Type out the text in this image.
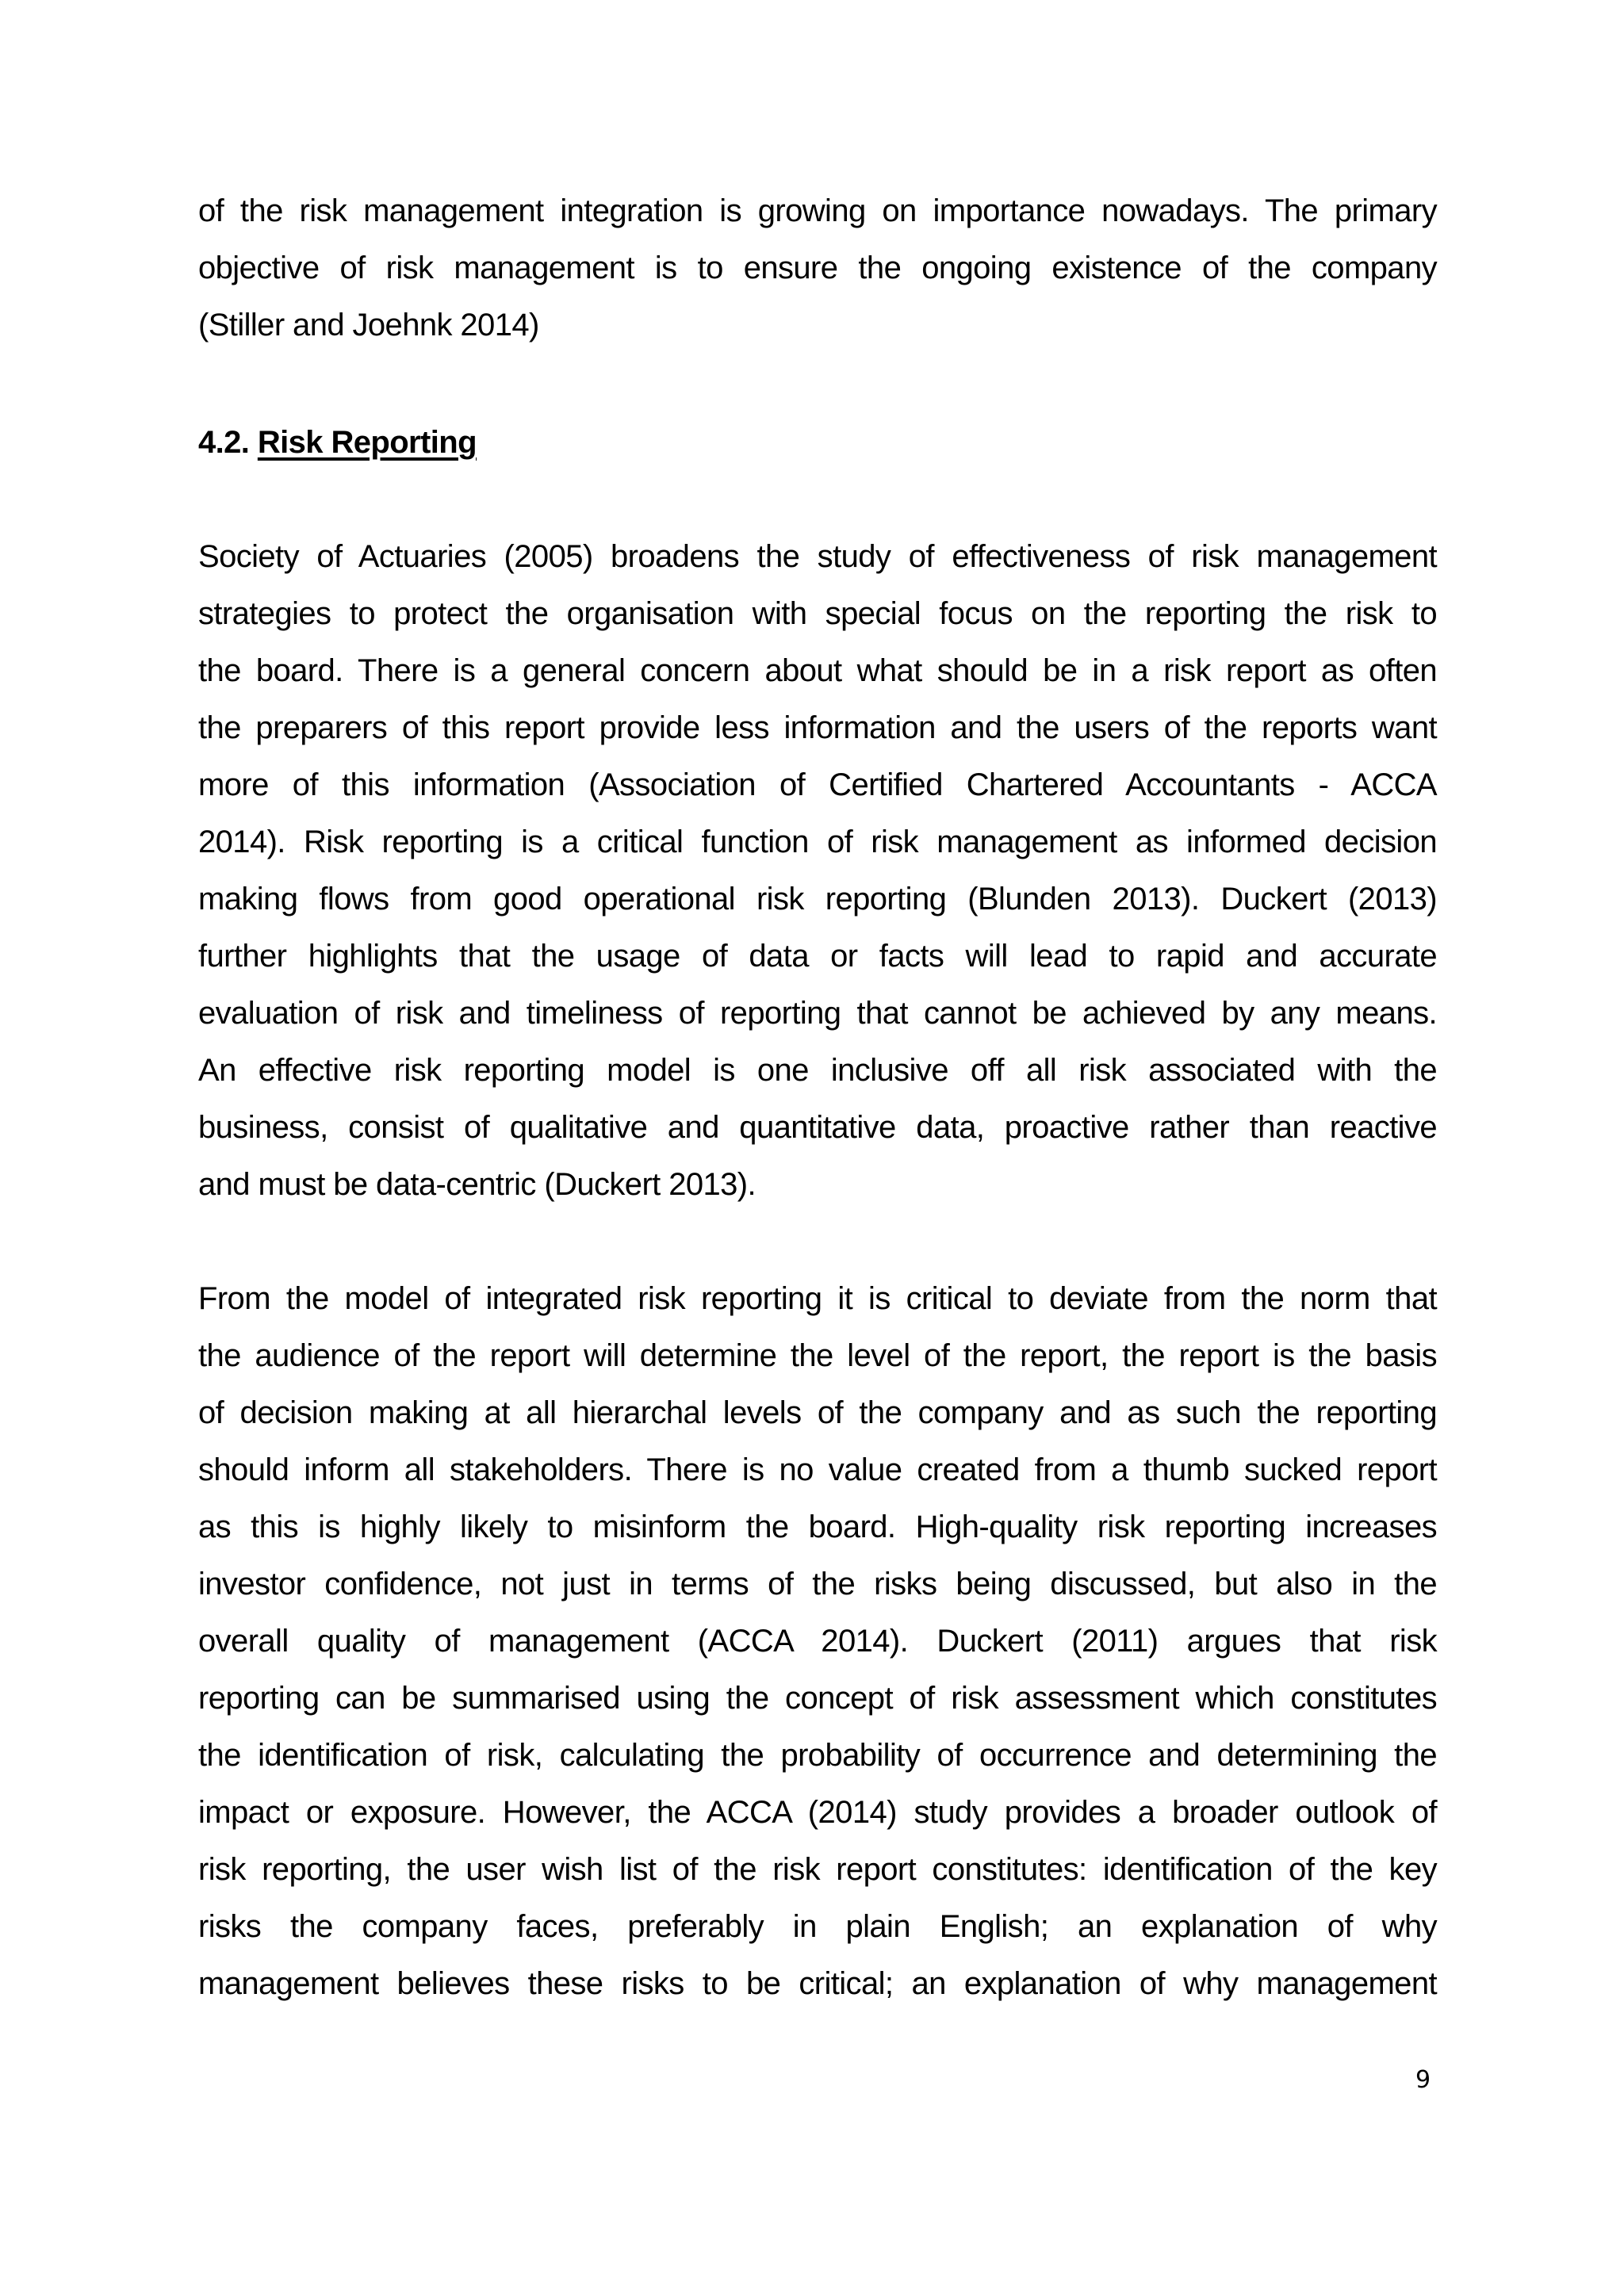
of the risk management integration is growing on importance nowadays. The primary
objective of risk management is to ensure the ongoing existence of the company
(Stiller and Joehnk 2014)
4.2. Risk Reporting
Society of Actuaries (2005) broadens the study of effectiveness of risk management
strategies to protect the organisation with special focus on the reporting the risk to
the board. There is a general concern about what should be in a risk report as often
the preparers of this report provide less information and the users of the reports want
more of this information (Association of Certified Chartered Accountants - ACCA
2014). Risk reporting is a critical function of risk management as informed decision
making flows from good operational risk reporting (Blunden 2013). Duckert (2013)
further highlights that the usage of data or facts will lead to rapid and accurate
evaluation of risk and timeliness of reporting that cannot be achieved by any means.
An effective risk reporting model is one inclusive off all risk associated with the
business, consist of qualitative and quantitative data, proactive rather than reactive
and must be data-centric (Duckert 2013).
From the model of integrated risk reporting it is critical to deviate from the norm that
the audience of the report will determine the level of the report, the report is the basis
of decision making at all hierarchal levels of the company and as such the reporting
should inform all stakeholders. There is no value created from a thumb sucked report
as this is highly likely to misinform the board. High-quality risk reporting increases
investor confidence, not just in terms of the risks being discussed, but also in the
overall quality of management (ACCA 2014). Duckert (2011) argues that risk
reporting can be summarised using the concept of risk assessment which constitutes
the identification of risk, calculating the probability of occurrence and determining the
impact or exposure. However, the ACCA (2014) study provides a broader outlook of
risk reporting, the user wish list of the risk report constitutes: identification of the key
risks the company faces, preferably in plain English; an explanation of why
management believes these risks to be critical; an explanation of why management
9
